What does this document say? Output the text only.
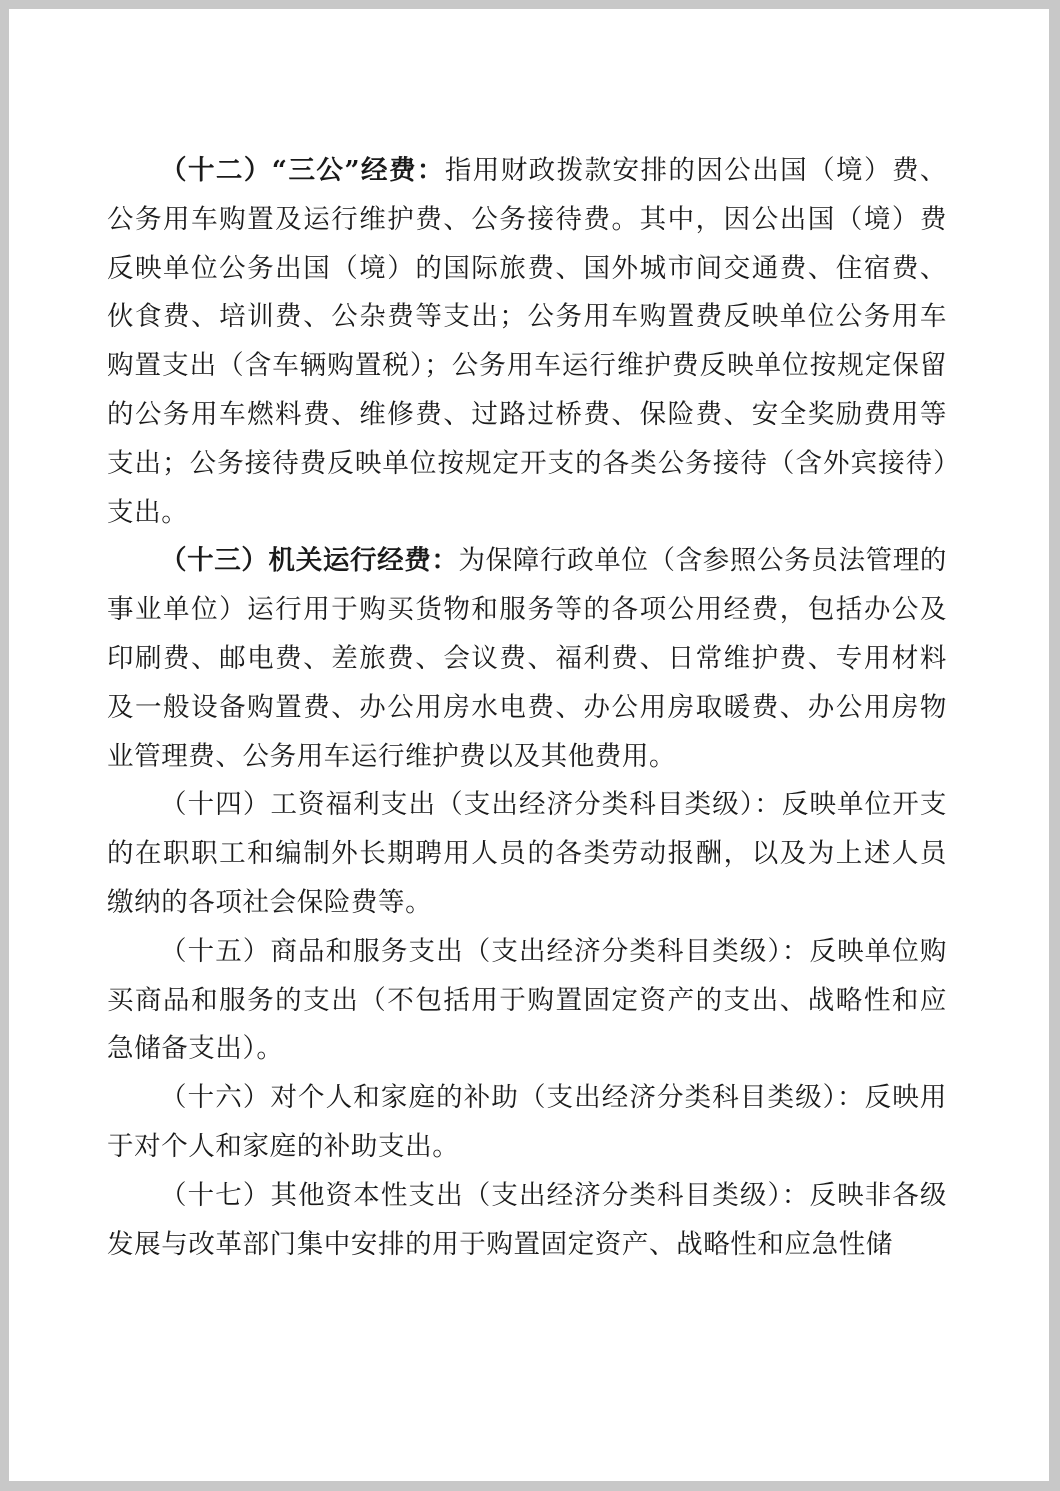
（十二）“三公”经费：指用财政拨款安排的因公出国（境）费、公务用车购置及运行维护费、公务接待费。其中，因公出国（境）费反映单位公务出国（境）的国际旅费、国外城市间交通费、住宿费、伙食费、培训费、公杂费等支出；公务用车购置费反映单位公务用车购置支出（含车辆购置税）；公务用车运行维护费反映单位按规定保留的公务用车燃料费、维修费、过路过桥费、保险费、安全奖励费用等支出；公务接待费反映单位按规定开支的各类公务接待（含外宾接待）支出。

（十三）机关运行经费：为保障行政单位（含参照公务员法管理的事业单位）运行用于购买货物和服务等的各项公用经费，包括办公及印刷费、邮电费、差旅费、会议费、福利费、日常维护费、专用材料及一般设备购置费、办公用房水电费、办公用房取暖费、办公用房物业管理费、公务用车运行维护费以及其他费用。

（十四）工资福利支出（支出经济分类科目类级）：反映单位开支的在职职工和编制外长期聘用人员的各类劳动报酬，以及为上述人员缴纳的各项社会保险费等。

（十五）商品和服务支出（支出经济分类科目类级）：反映单位购买商品和服务的支出（不包括用于购置固定资产的支出、战略性和应急储备支出）。

（十六）对个人和家庭的补助（支出经济分类科目类级）：反映用于对个人和家庭的补助支出。

（十七）其他资本性支出（支出经济分类科目类级）：反映非各级发展与改革部门集中安排的用于购置固定资产、战略性和应急性储
